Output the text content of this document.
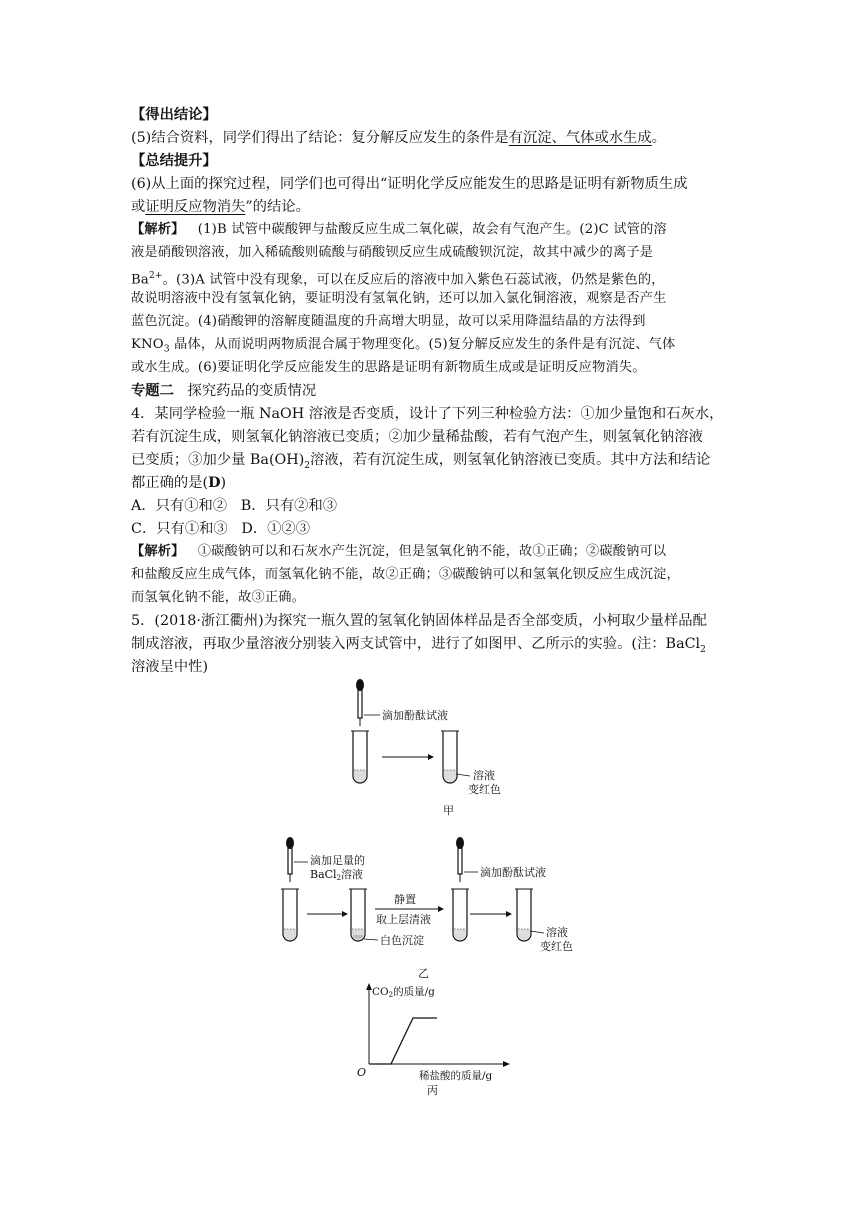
【得出结论】
(5)结合资料，同学们得出了结论：复分解反应发生的条件是有沉淀、气体或水生成。
【总结提升】
(6)从上面的探究过程，同学们也可得出“证明化学反应能发生的思路是证明有新物质生成
或证明反应物消失”的结论。
【解析】 (1)B 试管中碳酸钾与盐酸反应生成二氧化碳，故会有气泡产生。(2)C 试管的溶
液是硝酸钡溶液，加入稀硫酸则硫酸与硝酸钡反应生成硫酸钡沉淀，故其中减少的离子是
$Ba^{2+}$。(3)A 试管中没有现象，可以在反应后的溶液中加入紫色石蕊试液，仍然是紫色的，
故说明溶液中没有氢氧化钠，要证明没有氢氧化钠，还可以加入氯化铜溶液，观察是否产生
蓝色沉淀。(4)硝酸钾的溶解度随温度的升高增大明显，故可以采用降温结晶的方法得到
$KNO_3$ 晶体，从而说明两物质混合属于物理变化。(5)复分解反应发生的条件是有沉淀、气体
或水生成。(6)要证明化学反应能发生的思路是证明有新物质生成或是证明反应物消失。
专题二 探究药品的变质情况
4．某同学检验一瓶 NaOH 溶液是否变质，设计了下列三种检验方法：①加少量饱和石灰水，
若有沉淀生成，则氢氧化钠溶液已变质；②加少量稀盐酸，若有气泡产生，则氢氧化钠溶液
已变质；③加少量 $Ba(OH)_2$溶液，若有沉淀生成，则氢氧化钠溶液已变质。其中方法和结论
都正确的是(D)
A．只有①和② B．只有②和③
C．只有①和③ D．①②③
【解析】 ①碳酸钠可以和石灰水产生沉淀，但是氢氧化钠不能，故①正确；②碳酸钠可以
和盐酸反应生成气体，而氢氧化钠不能，故②正确；③碳酸钠可以和氢氧化钡反应生成沉淀，
而氢氧化钠不能，故③正确。
5．(2018·浙江衢州)为探究一瓶久置的氢氧化钠固体样品是否全部变质，小柯取少量样品配
制成溶液，再取少量溶液分别装入两支试管中，进行了如图甲、乙所示的实验。(注：BaCl$_2$
溶液呈中性)
滴加酚酞试液
溶液
变红色
甲
滴加足量的
BaCl2溶液
白色沉淀
静置
取上层清液
滴加酚酞试液
溶液
变红色
乙
CO2的质量/g
O	稀盐酸的质量/g
丙
